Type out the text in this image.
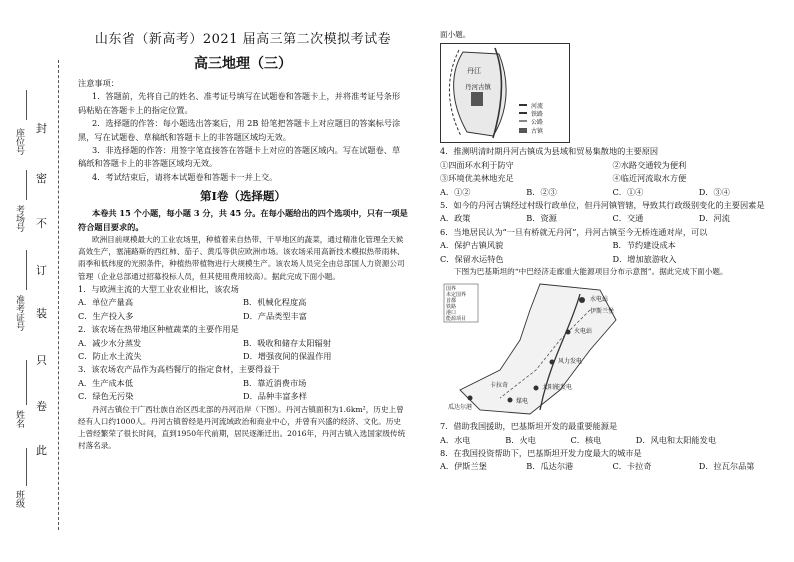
封
密
不
订
装
只
卷
此
座位号
考场号
准考证号
姓名
班级

山东省（新高考）2021 届高三第二次模拟考试卷

高三地理（三）

注意事项：

1．答题前，先将自己的姓名、准考证号填写在试题卷和答题卡上，并将准考证号条形码粘贴在答题卡上的指定位置。

2．选择题的作答：每小题选出答案后，用 2B 铅笔把答题卡上对应题目的答案标号涂黑，写在试题卷、草稿纸和答题卡上的非答题区域均无效。

3．非选择题的作答：用签字笔直接答在答题卡上对应的答题区域内。写在试题卷、草稿纸和答题卡上的非答题区域均无效。

4．考试结束后，请将本试题卷和答题卡一并上交。

第Ⅰ卷（选择题）

本卷共 15 个小题，每小题 3 分，共 45 分。在每小题给出的四个选项中，只有一项是符合题目要求的。

欧洲目前规模最大的工业农场里，种植着来自热带、干旱地区的蔬菜，通过精准化管理全天候高效生产，塞浦路斯的西红柿、茄子、黄瓜等供应欧洲市场。该农场采用高新技术模拟热带雨林、雨季和低纬度的光照条件，种植热带植物进行大规模生产。该农场人员完全由总部国人力资源公司管理（企业总部通过招募投标人员，但其使用费用较高）。据此完成下面小题。

1．与欧洲主流的大型工业农业相比，该农场

A．单位产量高	B．机械化程度高
C．生产投入多	D．产品类型丰富

2．该农场在热带地区种植蔬菜的主要作用是

A．减少水分蒸发	B．吸收和储存太阳辐射
C．防止水土流失	D．增强夜间的保温作用

3．该农场农产品作为高档餐厅的指定食材，主要得益于

A．生产成本低	B．靠近消费市场
C．绿色无污染	D．品种丰富多样

丹河古镇位于广西壮族自治区西北部的丹河沿岸（下图）。丹河古镇面积为1.6km²，历史上曾经有人口约1000人。丹河古镇曾经是丹河流域政治和商业中心，并曾有兴盛的经济、文化。历史上曾经繁荣了很长时间，直到1950年代前期，居民逐渐迁出。2016年，丹河古镇入选国家级传统村落名录。

面小题。

丹江
丹河古镇
河流
铁路
公路
古镇

4．推测明清时期丹河古镇成为县域和贸易集散地的主要原因

①四面环水利于防守	②水路交通较为便利
③环境优美林地充足	④临近河流取水方便
A．①②	B．②③	C．①④	D．③④

5．如今的丹河古镇经过村级行政单位，但丹河镇管辖，导致其行政级别变化的主要因素是

A．政策	B．资源	C．交通	D．河流

6．当地居民认为“一旦有桥就无丹河”，丹河古镇至今无桥连通对岸，可以

A．保护古镇风貌	B．节约建设成本
C．保留水运特色	D．增加旅游收入

下图为巴基斯坦的“中巴经济走廊重大能源项目分布示意图”。据此完成下面小题。

国界
未定国界
首都
铁路
港口
能源项目
水电站
火电站
风力发电
太阳能发电
煤电
瓜达尔港
卡拉奇
伊斯兰堡

7．借助我国援助，巴基斯坦开发的最重要能源是

A．水电	B．火电	C．核电	D．风电和太阳能发电

8．在我国投资帮助下，巴基斯坦开发力度最大的城市是

A．伊斯兰堡	B．瓜达尔港	C．卡拉奇	D．拉瓦尔品第
